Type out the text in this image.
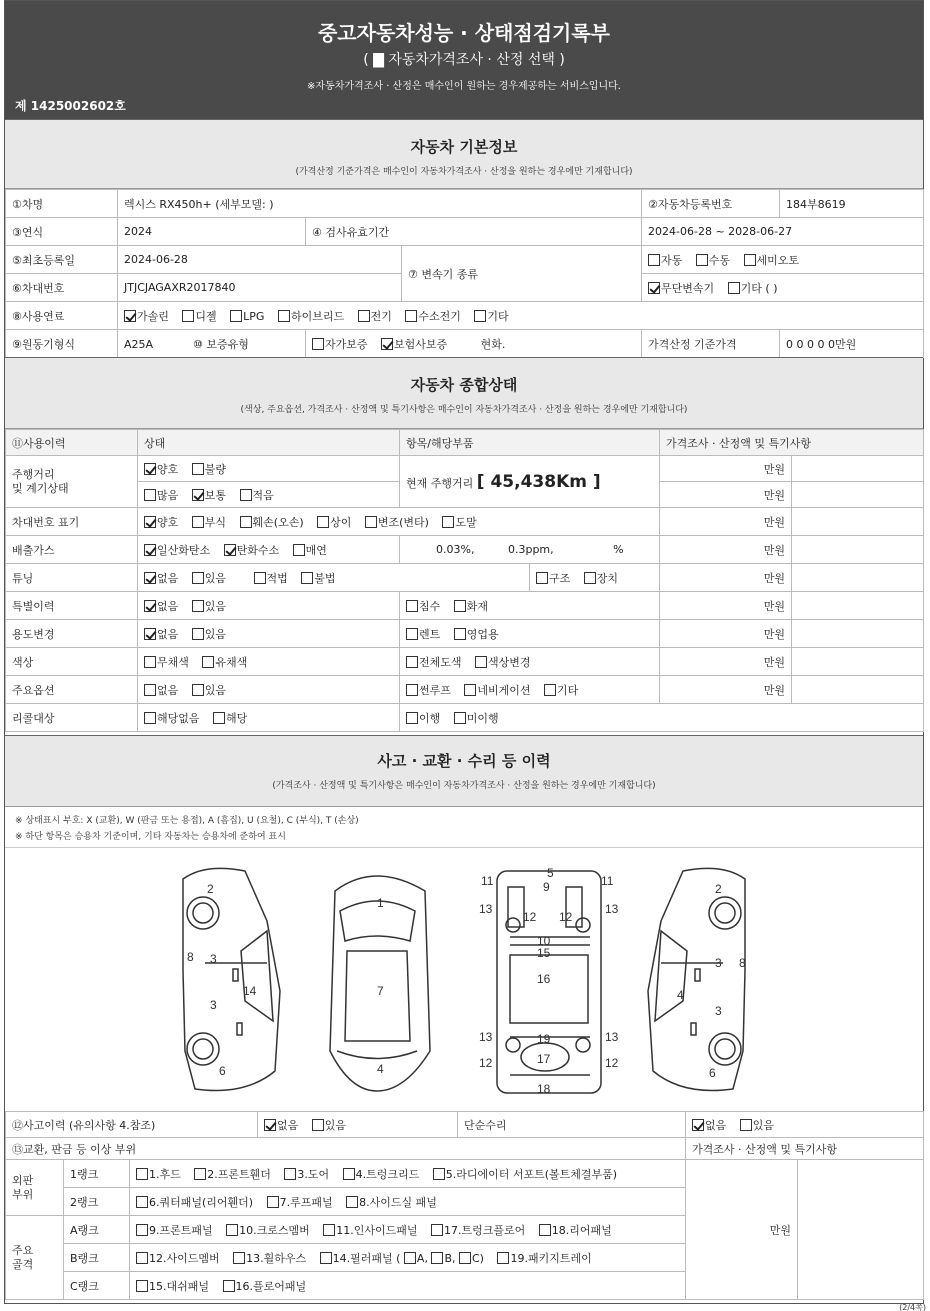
중고자동차성능 · 상태점검기록부
( ▇ 자동차가격조사 · 산정 선택 )
※자동차가격조사 · 산정은 매수인이 원하는 경우제공하는 서비스입니다.
제 1425002602호
자동차 기본정보
(가격산정 기준가격은 매수인이 자동차가격조사 · 산정을 원하는 경우에만 기재합니다)
①차명	렉시스 RX450h+ (세부모델: )			②자동차등록번호	184부8619
③연식	2024	④ 검사유효기간		2024-06-28 ~ 2028-06-27	
⑤최초등록일	2024-06-28		⑦ 변속기 종류	자동 수동 세미오토	
⑥차대번호	JTJCJAGAXR2017840			무단변속기 기타 ( )	
⑧사용연료	가솔린 디젤 LPG 하이브리드 전기 수소전기 기타				
⑨원동기형식	A25A ⑩ 보증유형	자가보증 보험사보증 현화.		가격산정 기준가격	0 0 0 0 0만원
자동차 종합상태
(색상, 주요옵션, 가격조사 · 산정액 및 특기사항은 매수인이 자동차가격조사 · 산정을 원하는 경우에만 기재합니다)
⑪사용이력	상태	항목/해당부품		가격조사 · 산정액 및 특기사항	
주행거리
및 계기상태	양호 불량	현재 주행거리 [ 45,438Km ]		만원	
	많음 보통 적음			만원	
차대번호 표기	양호 부식 훼손(오손) 상이 변조(변타) 도말			만원	
배출가스	일산화탄소 탄화수소 매연	0.03%, 0.3ppm, %		만원	
튜닝	없음 있음 적법 불법		구조 장치	만원	
특별이력	없음 있음	침수 화재		만원	
용도변경	없음 있음	렌트 영업용		만원	
색상	무채색 유채색	전체도색 색상변경		만원	
주요옵션	없음 있음	썬루프 네비게이션 기타		만원	
리콜대상	해당없음 해당	이행 미이행			
사고 · 교환 · 수리 등 이력
(가격조사 · 산정액 및 특기사항은 매수인이 자동차가격조사 · 산정을 원하는 경우에만 기재합니다)
※ 상태표시 부호: X (교환), W (판금 또는 용접), A (흠집), U (요철), C (부식), T (손상)
※ 하단 항목은 승용차 기준이며, 기타 자동차는 승용차에 준하여 표시
2
8 3
3
14
6
1
7
4
5
9
11	11
13	13
12 12
10
15
16
19
13	13
12	12
17
18
2
8
3
3
4
6
⑫사고이력 (유의사항 4.참조)			없음 있음	단순수리	없음 있음	
⑬교환, 판금 등 이상 부위					가격조사 · 산정액 및 특기사항	
외판
부위	1랭크	1.후드 2.프론트휀더 3.도어 4.트렁크리드 5.라디에이터 서포트(볼트체결부품)			만원	
	2랭크	6.쿼터패널(리어휀더) 7.루프패널 8.사이드실 패널				
주요
골격	A랭크	9.프론트패널 10.크로스멤버 11.인사이드패널 17.트렁크플로어 18.리어패널				
	B랭크	12.사이드멤버 13.휠하우스 14.필러패널 ( A, B, C) 19.패키지트레이				
	C랭크	15.대쉬패널 16.플로어패널				
(2/4쪽)
